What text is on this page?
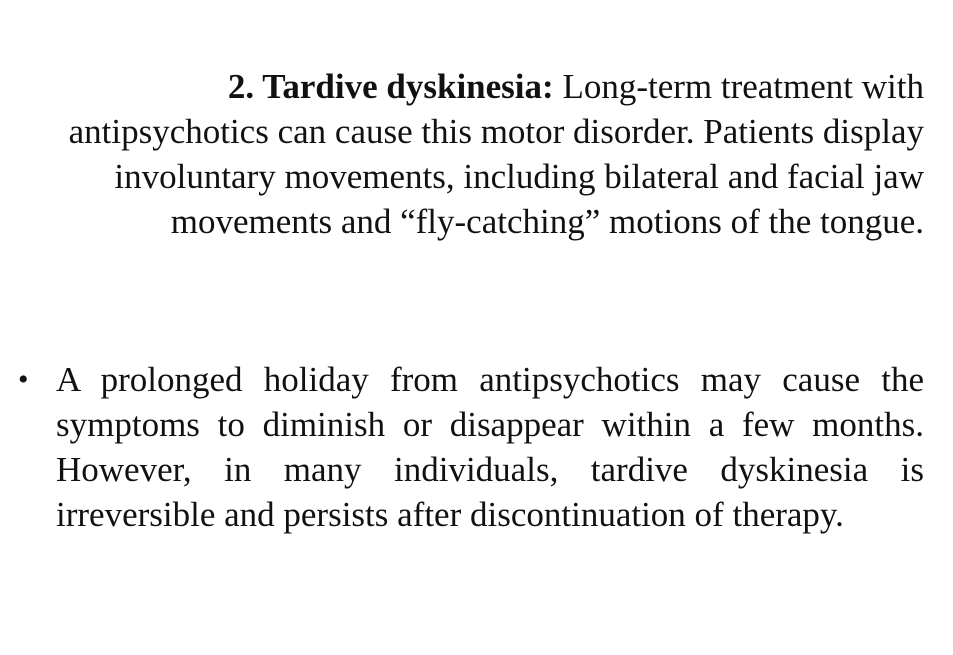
2. Tardive dyskinesia: Long-term treatment with antipsychotics can cause this motor disorder. Patients display involuntary movements, including bilateral and facial jaw movements and “fly-catching” motions of the tongue.

• A prolonged holiday from antipsychotics may cause the symptoms to diminish or disappear within a few months. However, in many individuals, tardive dyskinesia is irreversible and persists after discontinuation of therapy.
